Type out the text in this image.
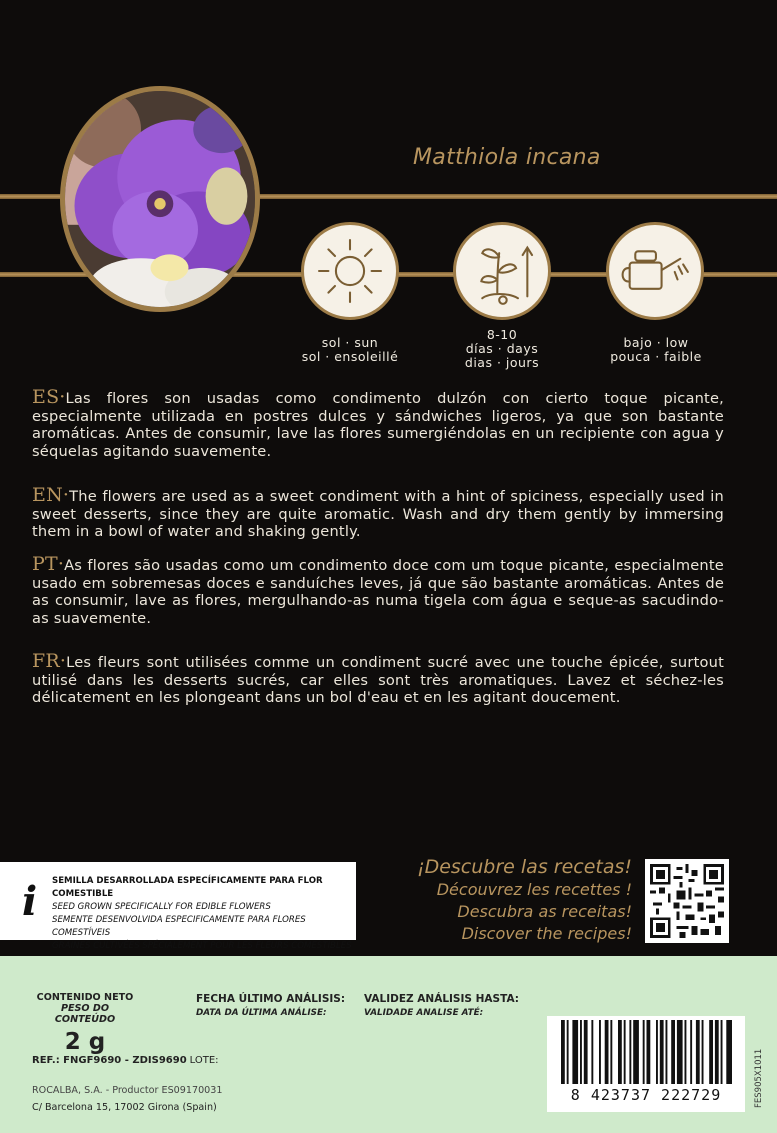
Matthiola incana
sol · sun
sol · ensoleillé
8-10
días · days
dias · jours
bajo · low
pouca · faible

ES·Las flores son usadas como condimento dulzón con cierto toque picante, especialmente utilizada en postres dulces y sándwiches ligeros, ya que son bastante aromáticas. Antes de consumir, lave las flores sumergiéndolas en un recipiente con agua y séquelas agitando suavemente.

EN·The flowers are used as a sweet condiment with a hint of spiciness, especially used in sweet desserts, since they are quite aromatic. Wash and dry them gently by immersing them in a bowl of water and shaking gently.

PT·As flores são usadas como um condimento doce com um toque picante, especialmente usado em sobremesas doces e sanduíches leves, já que são bastante aromáticas. Antes de as consumir, lave as flores, mergulhando-as numa tigela com água e seque-as sacudindo-as suavemente.

FR·Les fleurs sont utilisées comme un condiment sucré avec une touche épicée, surtout utilisé dans les desserts sucrés, car elles sont très aromatiques. Lavez et séchez-les délicatement en les plongeant dans un bol d'eau et en les agitant doucement.

i SEMILLA DESARROLLADA ESPECÍFICAMENTE PARA FLOR COMESTIBLE
SEED GROWN SPECIFICALLY FOR EDIBLE FLOWERS
SEMENTE DESENVOLVIDA ESPECIFICAMENTE PARA FLORES COMESTÍVEIS
GRAINES CULTIVÉES SPÉCIALEMENT POUR LES FLEURS COMESTIBLES
¡Descubre las recetas!
Découvrez les recettes !
Descubra as receitas!
Discover the recipes!
CONTENIDO NETO
PESO DO CONTEÚDO
2 g
FECHA ÚLTIMO ANÁLISIS:
DATA DA ÚLTIMA ANÁLISE:
VALIDEZ ANÁLISIS HASTA:
VALIDADE ANALISE ATÉ:
REF.: FNGF9690 - ZDIS9690 LOTE:
ROCALBA, S.A. - Productor ES09170031
C/ Barcelona 15, 17002 Girona (Spain)
8 423737 222729	FES905X1011
